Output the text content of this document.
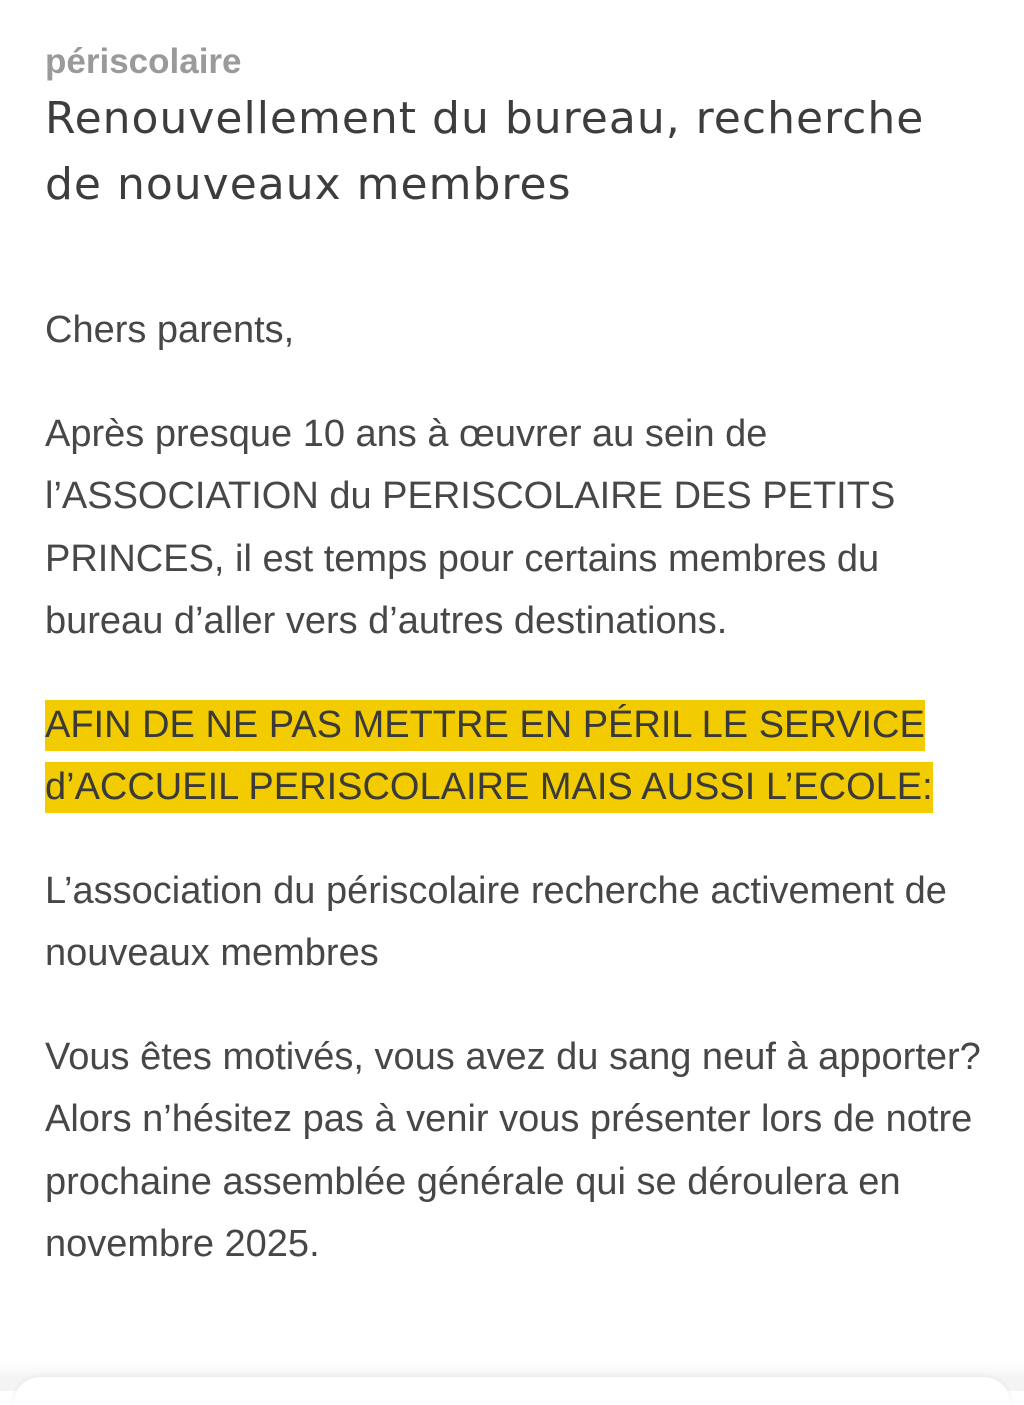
périscolaire
Renouvellement du bureau, recherche de nouveaux membres

Chers parents,

Après presque 10 ans à œuvrer au sein de l’ASSOCIATION du PERISCOLAIRE DES PETITS PRINCES, il est temps pour certains membres du bureau d’aller vers d’autres destinations.

AFIN DE NE PAS METTRE EN PÉRIL LE SERVICE d’ACCUEIL PERISCOLAIRE MAIS AUSSI L’ECOLE:

L’association du périscolaire recherche activement de nouveaux membres

Vous êtes motivés, vous avez du sang neuf à apporter? Alors n’hésitez pas à venir vous présenter lors de notre prochaine assemblée générale qui se déroulera en novembre 2025.
